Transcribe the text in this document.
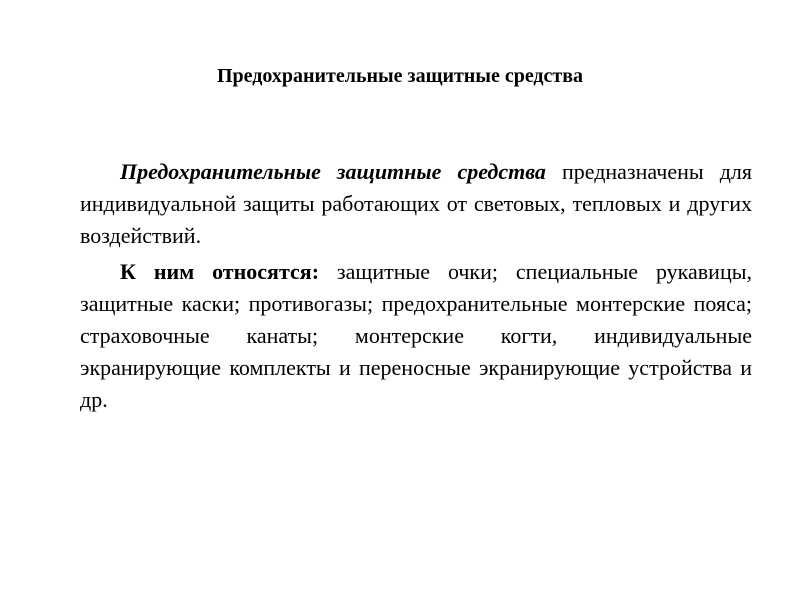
Предохранительные защитные средства

Предохранительные защитные средства предназначены для индивидуальной защиты работающих от световых, тепловых и других воздействий.

К ним относятся: защитные очки; специальные рукавицы, защитные каски; противогазы; предохранительные монтерские пояса; страховочные канаты; монтерские когти, индивидуальные экранирующие комплекты и переносные экранирующие устройства и др.
